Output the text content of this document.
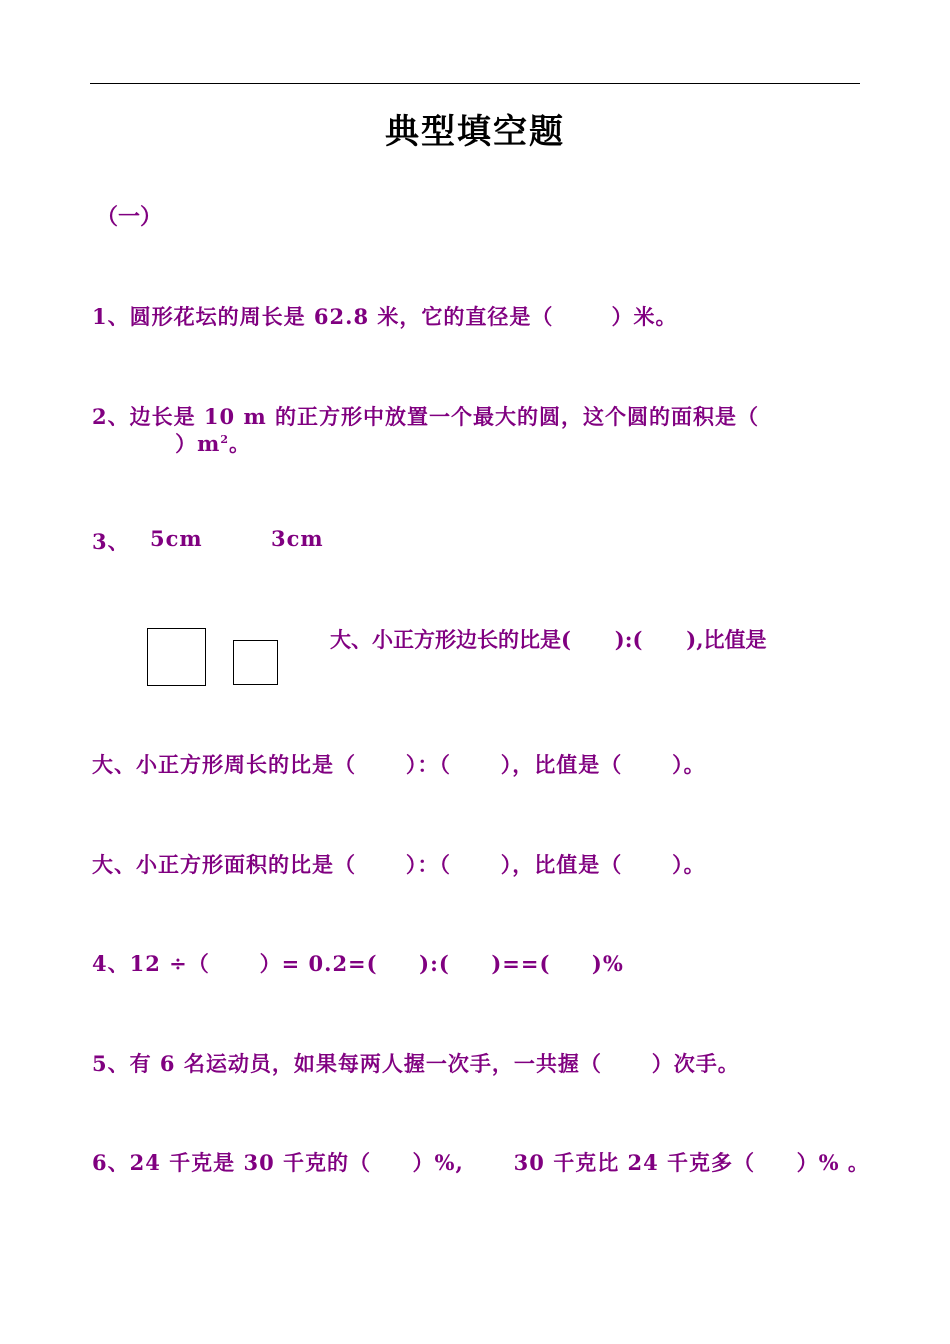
典型填空题
（一）
1、圆形花坛的周长是 62.8 米，它的直径是（       ）米。
2、边长是 10 m 的正方形中放置一个最大的圆，这个圆的面积是（
）$m^2$。
3、 5cm	3cm
大、小正方形边长的比是(      ):(      ),比值是
大、小正方形周长的比是（      ）：（      ），比值是（      ）。
大、小正方形面积的比是（      ）：（      ），比值是（      ）。
4、12 ÷（      ）= 0.2=(     ):(     )==(     )%
5、有 6 名运动员，如果每两人握一次手，一共握（      ）次手。
6、24 千克是 30 千克的（     ）%,      30 千克比 24 千克多（     ）% 。
